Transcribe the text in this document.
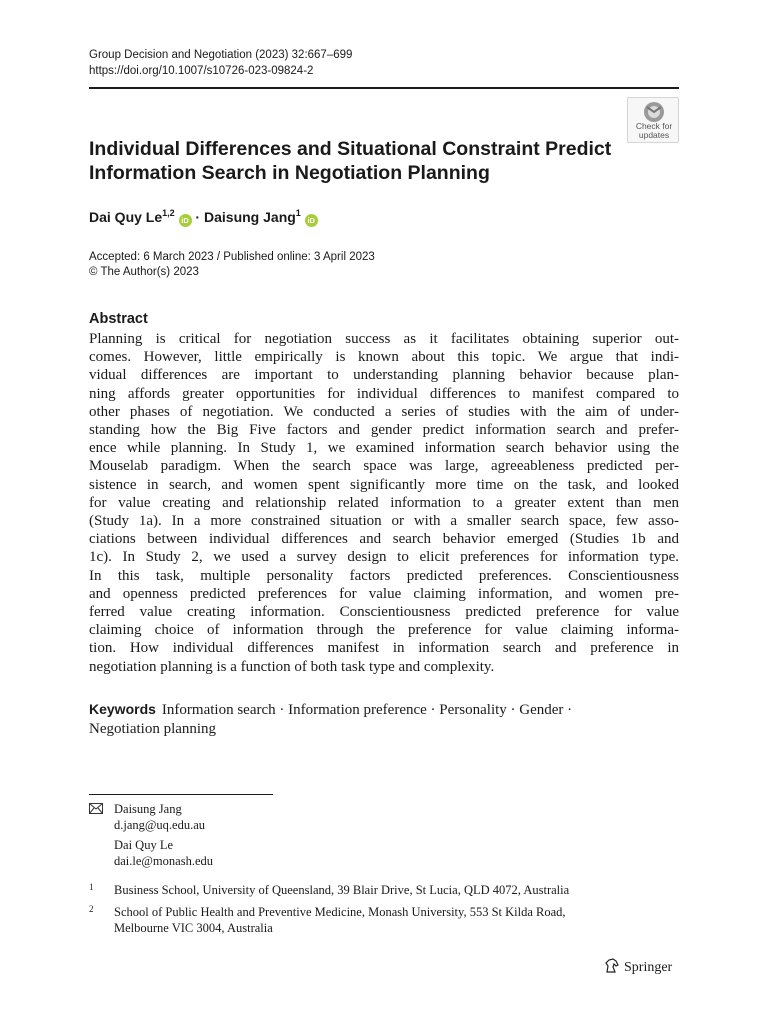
Group Decision and Negotiation (2023) 32:667–699
https://doi.org/10.1007/s10726-023-09824-2
Check for
updates
Individual Differences and Situational Constraint Predict
Information Search in Negotiation Planning
Dai Quy Le$^{1,2}$ iD · Daisung Jang$^1$ iD
Accepted: 6 March 2023 / Published online: 3 April 2023
© The Author(s) 2023
Abstract
Planning is critical for negotiation success as it facilitates obtaining superior out-
comes. However, little empirically is known about this topic. We argue that indi-
vidual differences are important to understanding planning behavior because plan-
ning affords greater opportunities for individual differences to manifest compared to
other phases of negotiation. We conducted a series of studies with the aim of under-
standing how the Big Five factors and gender predict information search and prefer-
ence while planning. In Study 1, we examined information search behavior using the
Mouselab paradigm. When the search space was large, agreeableness predicted per-
sistence in search, and women spent significantly more time on the task, and looked
for value creating and relationship related information to a greater extent than men
(Study 1a). In a more constrained situation or with a smaller search space, few asso-
ciations between individual differences and search behavior emerged (Studies 1b and
1c). In Study 2, we used a survey design to elicit preferences for information type.
In this task, multiple personality factors predicted preferences. Conscientiousness
and openness predicted preferences for value claiming information, and women pre-
ferred value creating information. Conscientiousness predicted preference for value
claiming choice of information through the preference for value claiming informa-
tion. How individual differences manifest in information search and preference in
negotiation planning is a function of both task type and complexity.
Keywords Information search · Information preference · Personality · Gender ·
Negotiation planning
Daisung Jang
d.jang@uq.edu.au
Dai Quy Le
dai.le@monash.edu
1 Business School, University of Queensland, 39 Blair Drive, St Lucia, QLD 4072, Australia
2 School of Public Health and Preventive Medicine, Monash University, 553 St Kilda Road,
Melbourne VIC 3004, Australia
Springer
